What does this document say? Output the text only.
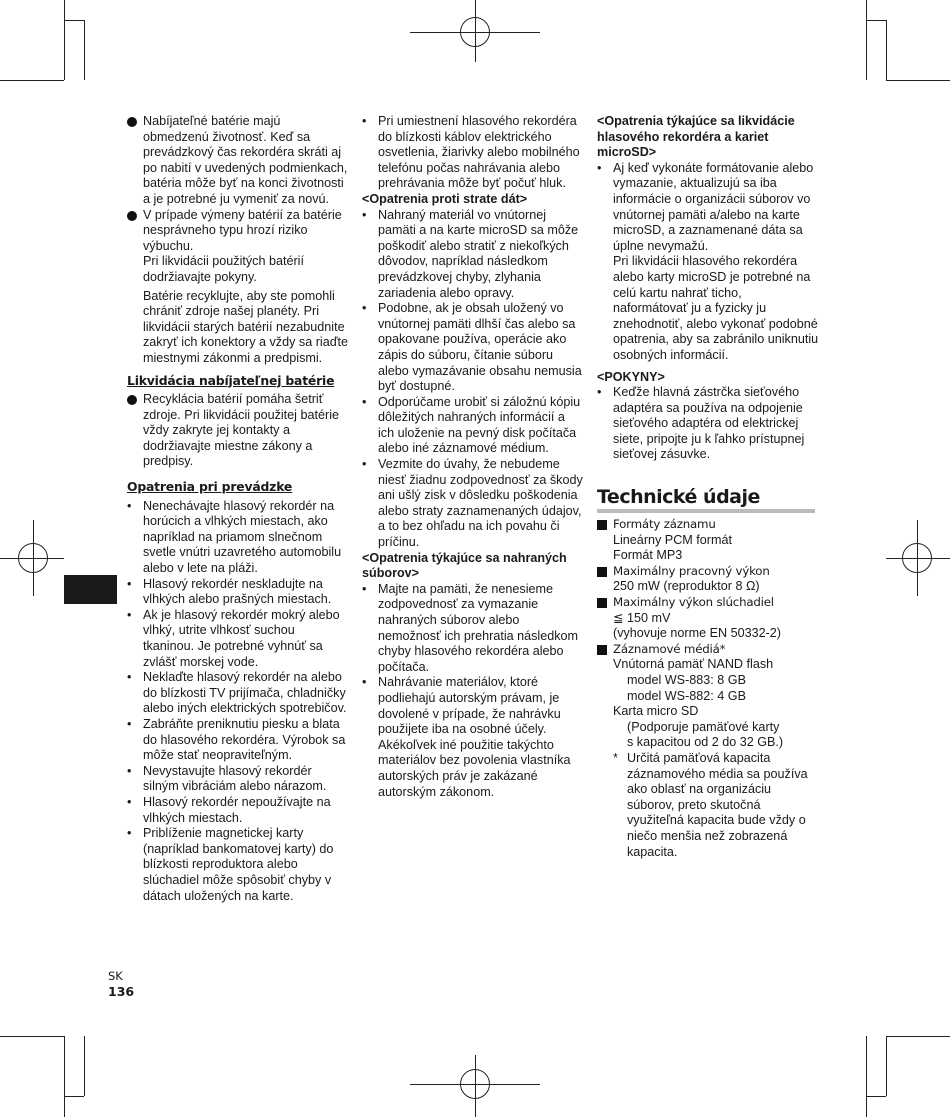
Nabíjateľné batérie majú obmedzenú životnosť. Keď sa prevádzkový čas rekordéra skráti aj po nabití v uvedených podmienkach, batéria môže byť na konci životnosti a je potrebné ju vymeniť za novú.
V prípade výmeny batérií za batérie nesprávneho typu hrozí riziko výbuchu.
Pri likvidácii použitých batérií dodržiavajte pokyny.
Batérie recyklujte, aby ste pomohli chrániť zdroje našej planéty. Pri likvidácii starých batérií nezabudnite zakryť ich konektory a vždy sa riaďte miestnymi zákonmi a predpismi.
Likvidácia nabíjateľnej batérie
Recyklácia batérií pomáha šetriť zdroje. Pri likvidácii použitej batérie vždy zakryte jej kontakty a dodržiavajte miestne zákony a predpisy.
Opatrenia pri prevádzke
• Nenechávajte hlasový rekordér na horúcich a vlhkých miestach, ako napríklad na priamom slnečnom svetle vnútri uzavretého automobilu alebo v lete na pláži.
• Hlasový rekordér neskladujte na vlhkých alebo prašných miestach.
• Ak je hlasový rekordér mokrý alebo vlhký, utrite vlhkosť suchou tkaninou. Je potrebné vyhnúť sa zvlášť morskej vode.
• Neklaďte hlasový rekordér na alebo do blízkosti TV prijímača, chladničky alebo iných elektrických spotrebičov.
• Zabráňte preniknutiu piesku a blata do hlasového rekordéra. Výrobok sa môže stať neopraviteľným.
• Nevystavujte hlasový rekordér silným vibráciám alebo nárazom.
• Hlasový rekordér nepoužívajte na vlhkých miestach.
• Priblíženie magnetickej karty (napríklad bankomatovej karty) do blízkosti reproduktora alebo slúchadiel môže spôsobiť chyby v dátach uložených na karte.
• Pri umiestnení hlasového rekordéra do blízkosti káblov elektrického osvetlenia, žiarivky alebo mobilného telefónu počas nahrávania alebo prehrávania môže byť počuť hluk.
<Opatrenia proti strate dát>
• Nahraný materiál vo vnútornej pamäti a na karte microSD sa môže poškodiť alebo stratiť z niekoľkých dôvodov, napríklad následkom prevádzkovej chyby, zlyhania zariadenia alebo opravy.
• Podobne, ak je obsah uložený vo vnútornej pamäti dlhší čas alebo sa opakovane používa, operácie ako zápis do súboru, čítanie súboru alebo vymazávanie obsahu nemusia byť dostupné.
• Odporúčame urobiť si záložnú kópiu dôležitých nahraných informácií a ich uloženie na pevný disk počítača alebo iné záznamové médium.
• Vezmite do úvahy, že nebudeme niesť žiadnu zodpovednosť za škody ani ušlý zisk v dôsledku poškodenia alebo straty zaznamenaných údajov, a to bez ohľadu na ich povahu či príčinu.
<Opatrenia týkajúce sa nahraných súborov>
• Majte na pamäti, že nenesieme zodpovednosť za vymazanie nahraných súborov alebo nemožnosť ich prehratia následkom chyby hlasového rekordéra alebo počítača.
• Nahrávanie materiálov, ktoré podliehajú autorským právam, je dovolené v prípade, že nahrávku použijete iba na osobné účely. Akékoľvek iné použitie takýchto materiálov bez povolenia vlastníka autorských práv je zakázané autorským zákonom.
<Opatrenia týkajúce sa likvidácie hlasového rekordéra a kariet microSD>
• Aj keď vykonáte formátovanie alebo vymazanie, aktualizujú sa iba informácie o organizácii súborov vo vnútornej pamäti a/alebo na karte microSD, a zaznamenané dáta sa úplne nevymažú.
Pri likvidácii hlasového rekordéra alebo karty microSD je potrebné na celú kartu nahrať ticho, naformátovať ju a fyzicky ju znehodnotiť, alebo vykonať podobné opatrenia, aby sa zabránilo uniknutiu osobných informácií.
<POKYNY>
• Keďže hlavná zástrčka sieťového adaptéra sa používa na odpojenie sieťového adaptéra od elektrickej siete, pripojte ju k ľahko prístupnej sieťovej zásuvke.
Technické údaje
Formáty záznamu
Lineárny PCM formát
Formát MP3
Maximálny pracovný výkon
250 mW (reproduktor 8 Ω)
Maximálny výkon slúchadiel
≦ 150 mV
(vyhovuje norme EN 50332-2)
Záznamové médiá*
Vnútorná pamäť NAND flash
model WS-883: 8 GB
model WS-882: 4 GB
Karta micro SD
(Podporuje pamäťové karty
s kapacitou od 2 do 32 GB.)
* Určitá pamäťová kapacita záznamového média sa používa ako oblasť na organizáciu súborov, preto skutočná využiteľná kapacita bude vždy o niečo menšia než zobrazená kapacita.
SK
136
